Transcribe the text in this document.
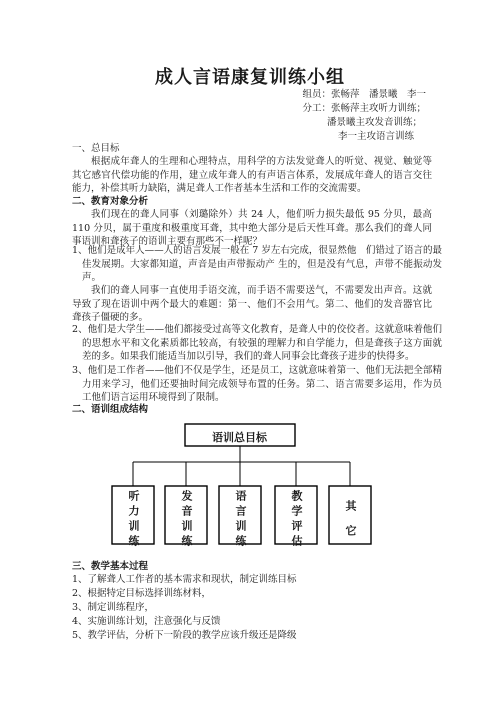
成人言语康复训练小组
组员：张畅萍　潘景曦　李一
分工：张畅萍主攻听力训练；
潘景曦主攻发音训练；
李一主攻语言训练
一、总目标
根据成年聋人的生理和心理特点，用科学的方法发觉聋人的听觉、视觉、触觉等其它感官代偿功能的作用，建立成年聋人的有声语言体系，发展成年聋人的语言交往能力，补偿其听力缺陷，满足聋人工作者基本生活和工作的交流需要。
二、教育对象分析
我们现在的聋人同事（刘璐除外）共 24 人，他们听力损失最低 95 分贝，最高 110 分贝，属于重度和极重度耳聋，其中绝大部分是后天性耳聋。那么我们的聋人同事语训和聋孩子的语训主要有那些不一样呢？
1、他们是成年人——人的语言发展一般在 7 岁左右完成，很显然他　们错过了语言的最佳发展期。大家都知道，声音是由声带振动产 生的，但是没有气息，声带不能振动发声。
我们的聋人同事一直使用手语交流，而手语不需要送气，不需要发出声音。这就导致了现在语训中两个最大的难题：第一、他们不会用气。第二、他们的发音器官比聋孩子僵硬的多。
2、他们是大学生——他们都接受过高等文化教育，是聋人中的佼佼者。这就意味着他们的思想水平和文化素质都比较高，有较强的理解力和自学能力，但是聋孩子这方面就差的多。如果我们能适当加以引导，我们的聋人同事会比聋孩子进步的快得多。
3、他们是工作者——他们不仅是学生，还是员工，这就意味着第一、他们无法把全部精力用来学习，他们还要抽时间完成领导布置的任务。第二、语言需要多运用，作为员工他们语言运用环境得到了限制。
二、语训组成结构
语训总目标
听力训练	发音训练	语言训练	教学评估	其它
三、教学基本过程
1、了解聋人工作者的基本需求和现状，制定训练目标
2、根据特定目标选择训练材料，
3、制定训练程序，
4、实施训练计划，注意强化与反馈
5、教学评估，分析下一阶段的教学应该升级还是降级
